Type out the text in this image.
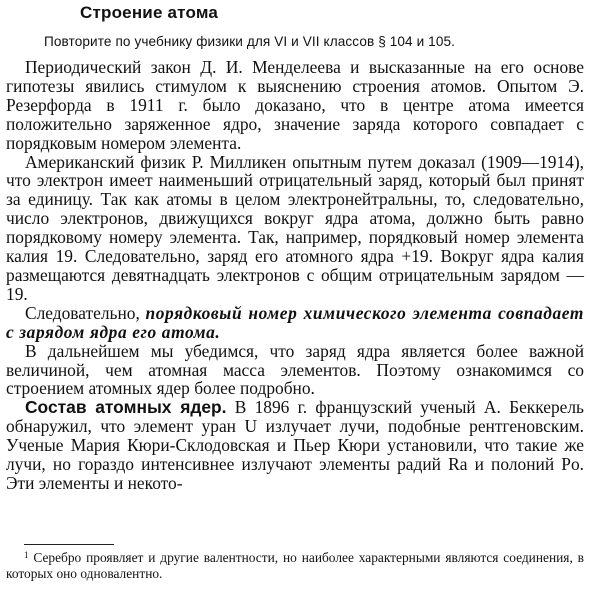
Строение атома
Повторите по учебнику физики для VI и VII классов § 104 и 105.

Периодический закон Д. И. Менделеева и высказанные на его основе гипотезы явились стимулом к выяснению строения атомов. Опытом Э. Резерфорда в 1911 г. было доказано, что в центре атома имеется положительно заряженное ядро, значение заряда которого совпадает с порядковым номером элемента.

Американский физик Р. Милликен опытным путем доказал (1909—1914), что электрон имеет наименьший отрицательный заряд, который был принят за единицу. Так как атомы в целом электронейтральны, то, следовательно, число электронов, движущихся вокруг ядра атома, должно быть равно порядковому номеру элемента. Так, например, порядковый номер элемента калия 19. Следовательно, заряд его атомного ядра +19. Вокруг ядра калия размещаются девятнадцать электронов с общим отрицательным зарядом —19.

Следовательно, порядковый номер химического элемента совпадает с зарядом ядра его атома.

В дальнейшем мы убедимся, что заряд ядра является более важной величиной, чем атомная масса элементов. Поэтому ознакомимся со строением атомных ядер более подробно.

Состав атомных ядер. В 1896 г. французский ученый А. Беккерель обнаружил, что элемент уран U излучает лучи, подобные рентгеновским. Ученые Мария Кюри-Склодовская и Пьер Кюри установили, что такие же лучи, но гораздо интенсивнее излучают элементы радий Ra и полоний Po. Эти элементы и некото-

$^1$ Серебро проявляет и другие валентности, но наиболее характерными являются соединения, в которых оно одновалентно.
